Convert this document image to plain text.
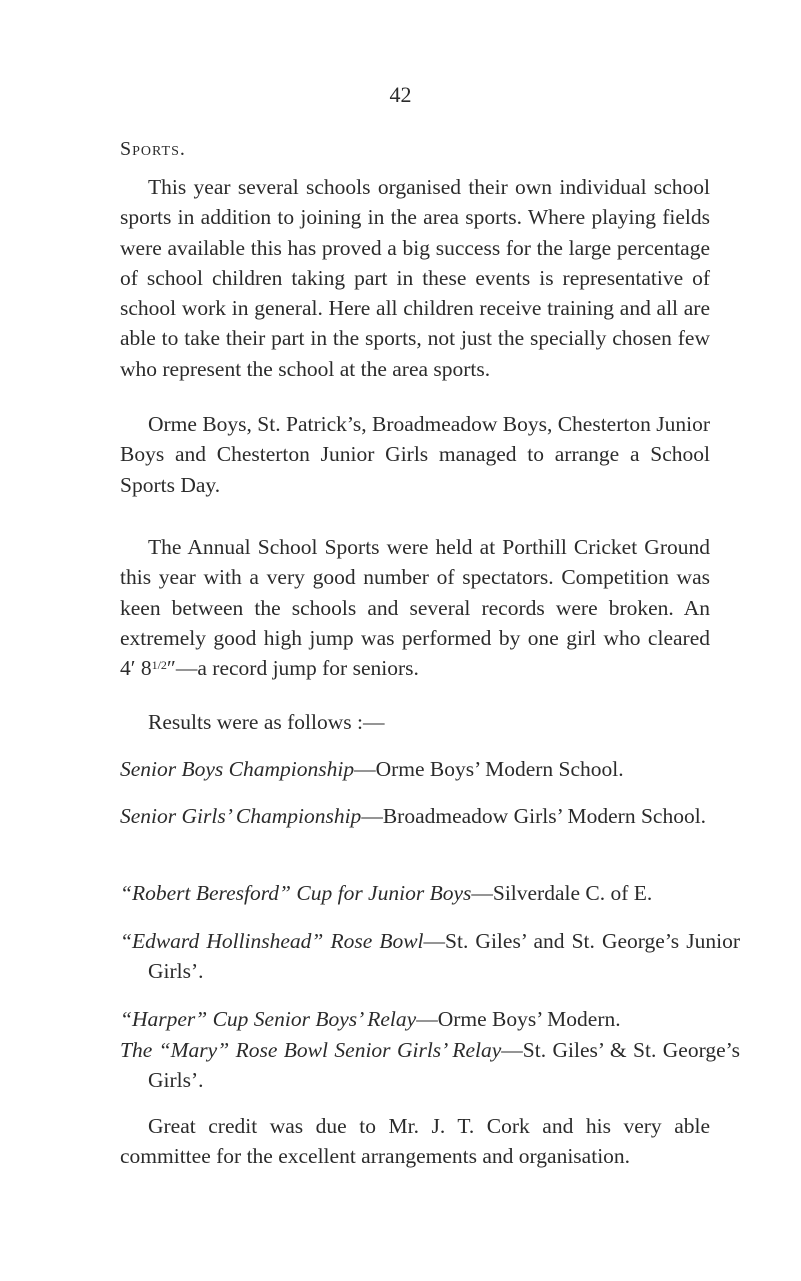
42
Sports.

This year several schools organised their own individual school sports in addition to joining in the area sports. Where playing fields were available this has proved a big success for the large percentage of school children taking part in these events is representative of school work in general. Here all children receive training and all are able to take their part in the sports, not just the specially chosen few who represent the school at the area sports.

Orme Boys, St. Patrick’s, Broadmeadow Boys, Chesterton Junior Boys and Chesterton Junior Girls managed to arrange a School Sports Day.

The Annual School Sports were held at Porthill Cricket Ground this year with a very good number of spectators. Competition was keen between the schools and several records were broken. An extremely good high jump was performed by one girl who cleared 4′ $8^{1/2}''—a$ record jump for seniors.

Results were as follows :—

Senior Boys Championship—Orme Boys’ Modern School.

Senior Girls’ Championship—Broadmeadow Girls’ Modern School.

“Robert Beresford” Cup for Junior Boys—Silverdale C. of E.

“Edward Hollinshead” Rose Bowl—St. Giles’ and St. George’s Junior Girls’.

“Harper” Cup Senior Boys’ Relay—Orme Boys’ Modern.

The “Mary” Rose Bowl Senior Girls’ Relay—St. Giles’ & St. George’s Girls’.

Great credit was due to Mr. J. T. Cork and his very able committee for the excellent arrangements and organisation.
